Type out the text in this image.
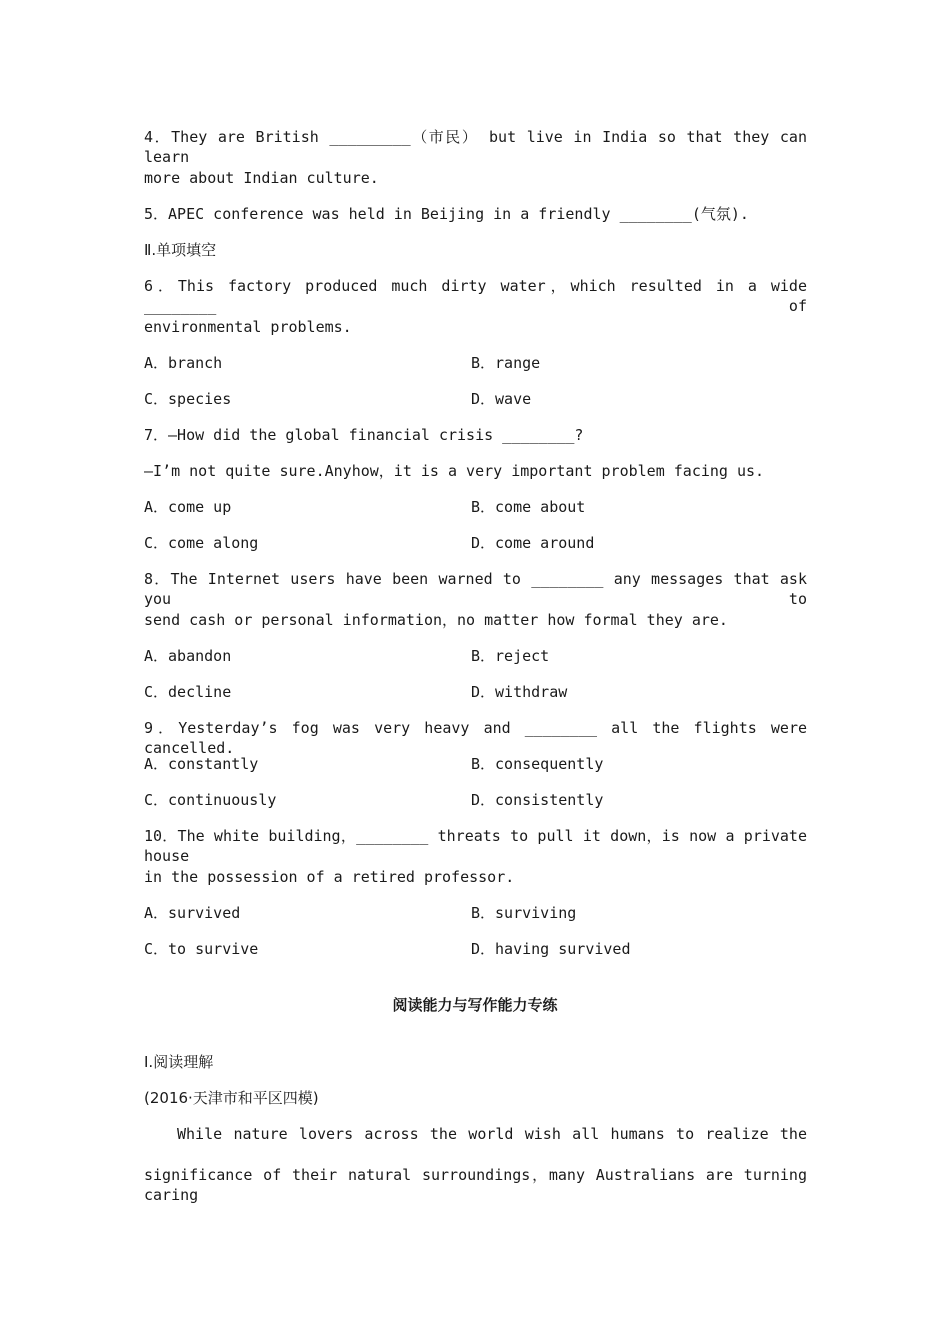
4．They are British _________（市民） but live in India so that they can learn
more about Indian culture.
5．APEC conference was held in Beijing in a friendly ________(气氛).
Ⅱ.单项填空
6．This factory produced much dirty water，which resulted in a wide ________ of
environmental problems.
A．branch	B．range
C．species	D．wave
7．—How did the global financial crisis ________?
—I’m not quite sure.Anyhow，it is a very important problem facing us.
A．come up	B．come about
C．come along	D．come around
8．The Internet users have been warned to ________ any messages that ask you to
send cash or personal information，no matter how formal they are.
A．abandon	B．reject
C．decline	D．withdraw
9．Yesterday’s fog was very heavy and ________ all the flights were cancelled.
A．constantly	B．consequently
C．continuously	D．consistently
10．The white building，________ threats to pull it down，is now a private house
in the possession of a retired professor.
A．survived	B．surviving
C．to survive	D．having survived
阅读能力与写作能力专练
Ⅰ.阅读理解
(2016·天津市和平区四模)
While nature lovers across the world wish all humans to realize the
significance of their natural surroundings，many Australians are turning caring
